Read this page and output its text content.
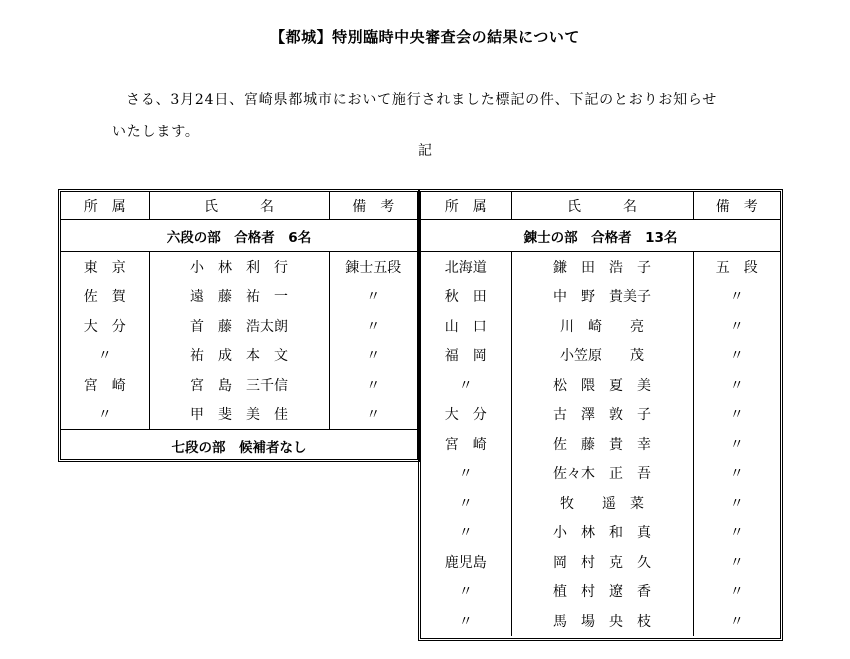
【都城】特別臨時中央審査会の結果について
さる、3月24日、宮崎県都城市において施行されました標記の件、下記のとおりお知らせ
いたします。
記
所　属	氏　　　名	備　考
六段の部　合格者　6名		
東　京	小　林　利　行	錬士五段
佐　賀	遠　藤　祐　一	〃
大　分	首　藤　浩太朗	〃
〃	祐　成　本　文	〃
宮　崎	宮　島　三千信	〃
〃	甲　斐　美　佳	〃
七段の部　候補者なし		
所　属	氏　　　名	備　考
錬士の部　合格者　13名		
北海道	鎌　田　浩　子	五　段
秋　田	中　野　貴美子	〃
山　口	川　崎　　亮	〃
福　岡	小笠原　　茂	〃
〃	松　隈　夏　美	〃
大　分	古　澤　敦　子	〃
宮　崎	佐　藤　貴　幸	〃
〃	佐々木　正　吾	〃
〃	牧　　遥　菜	〃
〃	小　林　和　真	〃
鹿児島	岡　村　克　久	〃
〃	植　村　遼　香	〃
〃	馬　場　央　枝	〃
